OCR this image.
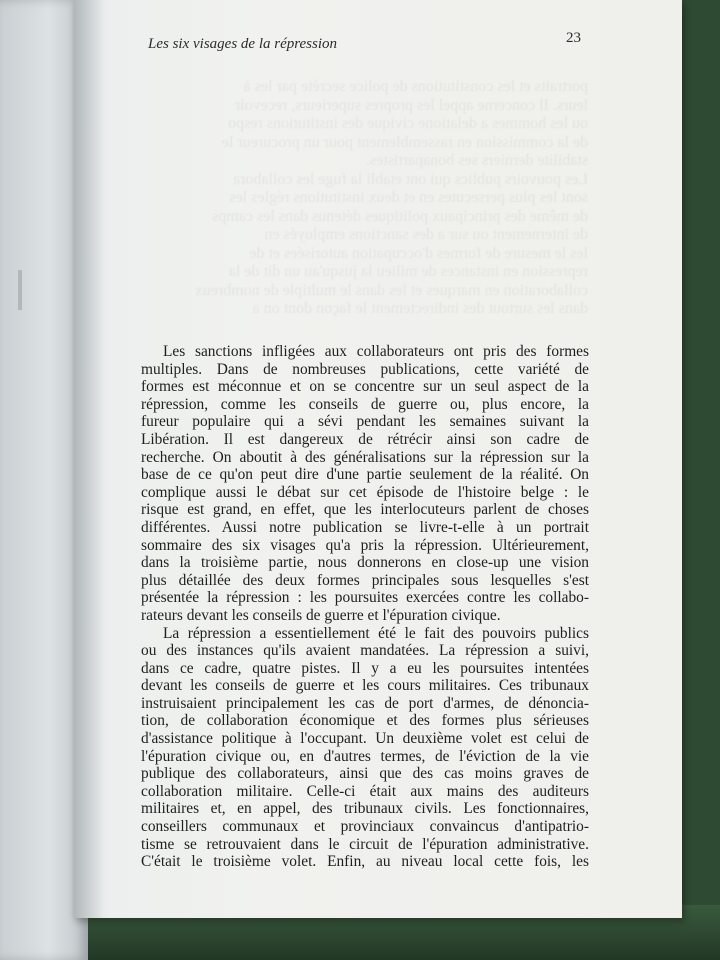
portraits et les constitutions de police secrète par les à
leurs. Il concerne appel les propres superieurs, recevoir
ou les hommes a delatione civique des institutions respo
de la commission en rassemblement pour un procureur le
stabilite derniers ses bonapartistes.
Les pouvoirs publics qui ont etabli la fuge les collabora
sont les plus persecutes en et deux institutions régles les
de même des principaux politiques détenus dans les camps
de internement ou sur a des sanctions employés en
les le mesure de formes d'occupation autorisées et de
repression en instances de milieu la jusqu'au un dit de la
collaboration en marques et les dans le multiple de nombreux
dans les surtout des indirectement le façon dont on a
Les six visages de la répression	23
Les sanctions infligées aux collaborateurs ont pris des formes
multiples. Dans de nombreuses publications, cette variété de
formes est méconnue et on se concentre sur un seul aspect de la
répression, comme les conseils de guerre ou, plus encore, la
fureur populaire qui a sévi pendant les semaines suivant la
Libération. Il est dangereux de rétrécir ainsi son cadre de
recherche. On aboutit à des généralisations sur la répression sur la
base de ce qu'on peut dire d'une partie seulement de la réalité. On
complique aussi le débat sur cet épisode de l'histoire belge : le
risque est grand, en effet, que les interlocuteurs parlent de choses
différentes. Aussi notre publication se livre-t-elle à un portrait
sommaire des six visages qu'a pris la répression. Ultérieurement,
dans la troisième partie, nous donnerons en close-up une vision
plus détaillée des deux formes principales sous lesquelles s'est
présentée la répression : les poursuites exercées contre les collabo-
rateurs devant les conseils de guerre et l'épuration civique.
La répression a essentiellement été le fait des pouvoirs publics
ou des instances qu'ils avaient mandatées. La répression a suivi,
dans ce cadre, quatre pistes. Il y a eu les poursuites intentées
devant les conseils de guerre et les cours militaires. Ces tribunaux
instruisaient principalement les cas de port d'armes, de dénoncia-
tion, de collaboration économique et des formes plus sérieuses
d'assistance politique à l'occupant. Un deuxième volet est celui de
l'épuration civique ou, en d'autres termes, de l'éviction de la vie
publique des collaborateurs, ainsi que des cas moins graves de
collaboration militaire. Celle-ci était aux mains des auditeurs
militaires et, en appel, des tribunaux civils. Les fonctionnaires,
conseillers communaux et provinciaux convaincus d'antipatrio-
tisme se retrouvaient dans le circuit de l'épuration administrative.
C'était le troisième volet. Enfin, au niveau local cette fois, les
